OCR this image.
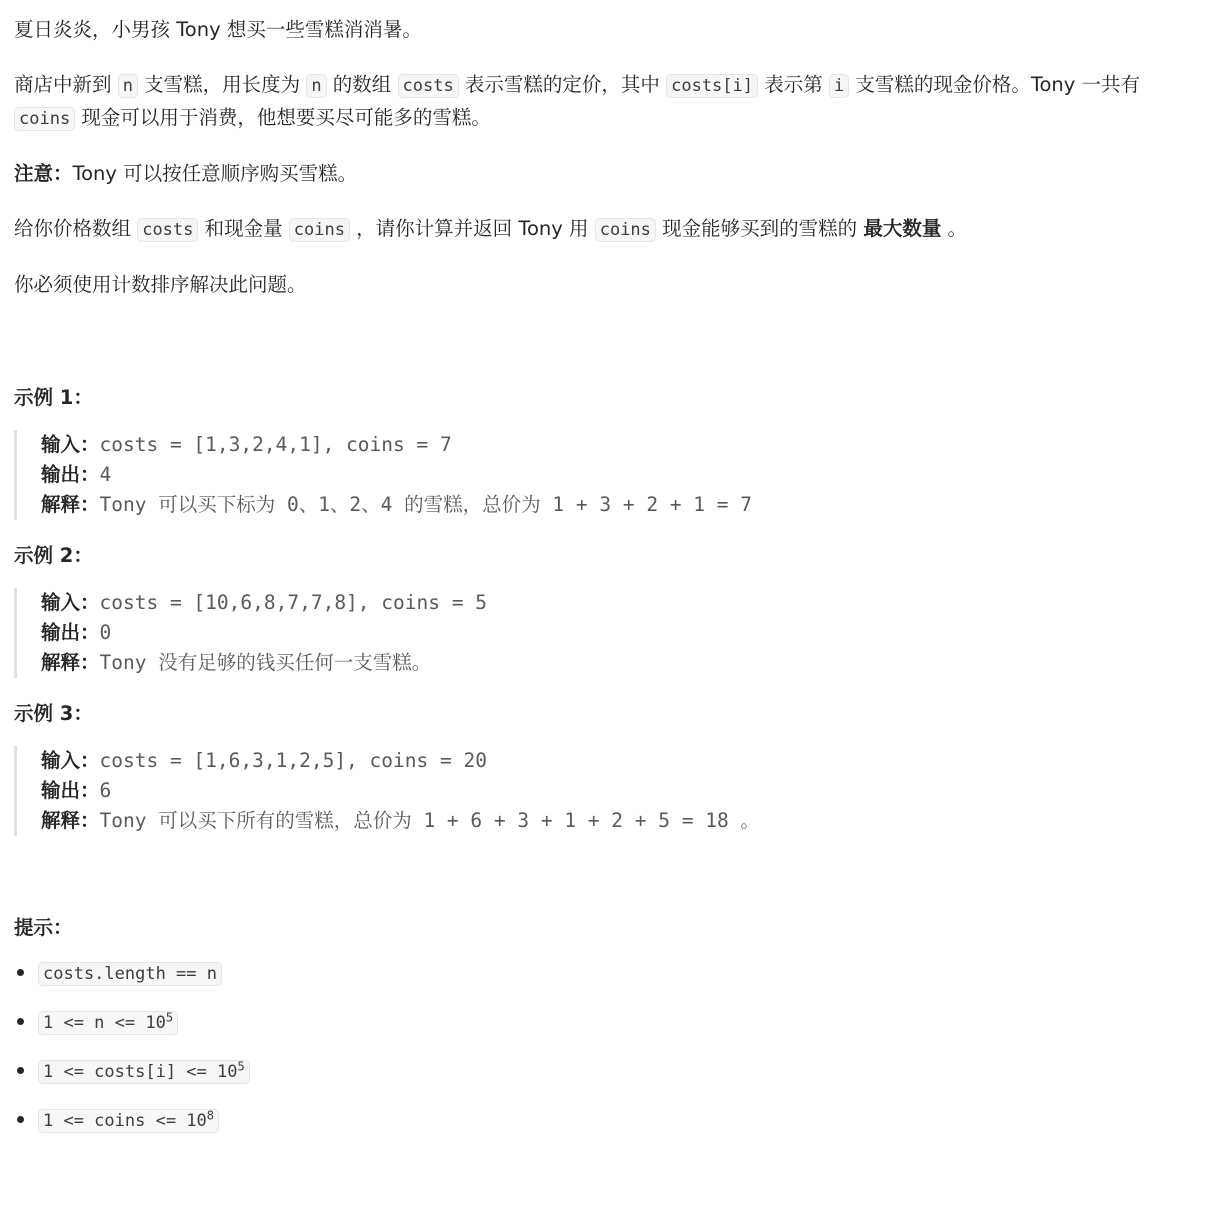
夏日炎炎，小男孩 Tony 想买一些雪糕消消暑。
商店中新到 n 支雪糕，用长度为 n 的数组 costs 表示雪糕的定价，其中 costs[i] 表示第 i 支雪糕的现金价格。Tony 一共有 coins 现金可以用于消费，他想要买尽可能多的雪糕。
注意：Tony 可以按任意顺序购买雪糕。
给你价格数组 costs 和现金量 coins ，请你计算并返回 Tony 用 coins 现金能够买到的雪糕的 最大数量 。
你必须使用计数排序解决此问题。
示例 1：
输入：costs = [1,3,2,4,1], coins = 7
输出：4
解释：Tony 可以买下标为 0、1、2、4 的雪糕，总价为 1 + 3 + 2 + 1 = 7
示例 2：
输入：costs = [10,6,8,7,7,8], coins = 5
输出：0
解释：Tony 没有足够的钱买任何一支雪糕。
示例 3：
输入：costs = [1,6,3,1,2,5], coins = 20
输出：6
解释：Tony 可以买下所有的雪糕，总价为 1 + 6 + 3 + 1 + 2 + 5 = 18 。
提示：
costs.length == n
$1 <= n <= 10^5$
1 <= costs[i] <= $10^5$
1 <= coins <= $10^8$
